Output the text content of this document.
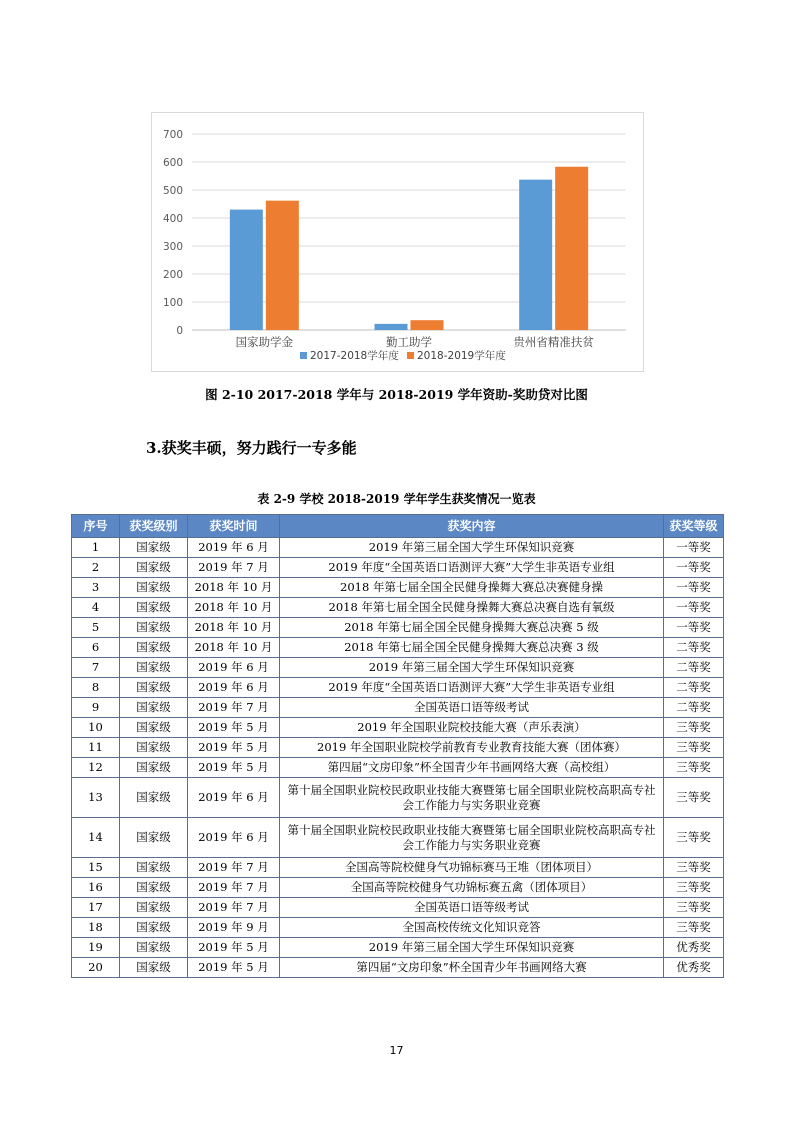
0
100
200
300
400
500
600
700
国家助学金	勤工助学	贵州省精准扶贫
2017-2018学年度 2018-2019学年度
图 2-10 2017-2018 学年与 2018-2019 学年资助-奖助贷对比图
3.获奖丰硕，努力践行一专多能
表 2-9 学校 2018-2019 学年学生获奖情况一览表
序号	获奖级别	获奖时间	获奖内容	获奖等级
1	国家级	2019 年 6 月	2019 年第三届全国大学生环保知识竞赛	一等奖
2	国家级	2019 年 7 月	2019 年度“全国英语口语测评大赛”大学生非英语专业组	一等奖
3	国家级	2018 年 10 月	2018 年第七届全国全民健身操舞大赛总决赛健身操	一等奖
4	国家级	2018 年 10 月	2018 年第七届全国全民健身操舞大赛总决赛自选有氧级	一等奖
5	国家级	2018 年 10 月	2018 年第七届全国全民健身操舞大赛总决赛 5 级	一等奖
6	国家级	2018 年 10 月	2018 年第七届全国全民健身操舞大赛总决赛 3 级	二等奖
7	国家级	2019 年 6 月	2019 年第三届全国大学生环保知识竞赛	二等奖
8	国家级	2019 年 6 月	2019 年度“全国英语口语测评大赛”大学生非英语专业组	二等奖
9	国家级	2019 年 7 月	全国英语口语等级考试	二等奖
10	国家级	2019 年 5 月	2019 年全国职业院校技能大赛（声乐表演）	三等奖
11	国家级	2019 年 5 月	2019 年全国职业院校学前教育专业教育技能大赛（团体赛）	三等奖
12	国家级	2019 年 5 月	第四届“文房印象”杯全国青少年书画网络大赛（高校组）	三等奖
13	国家级	2019 年 6 月	第十届全国职业院校民政职业技能大赛暨第七届全国职业院校高职高专社会工作能力与实务职业竞赛	三等奖
14	国家级	2019 年 6 月	第十届全国职业院校民政职业技能大赛暨第七届全国职业院校高职高专社会工作能力与实务职业竞赛	三等奖
15	国家级	2019 年 7 月	全国高等院校健身气功锦标赛马王堆（团体项目）	三等奖
16	国家级	2019 年 7 月	全国高等院校健身气功锦标赛五禽（团体项目）	三等奖
17	国家级	2019 年 7 月	全国英语口语等级考试	三等奖
18	国家级	2019 年 9 月	全国高校传统文化知识竞答	三等奖
19	国家级	2019 年 5 月	2019 年第三届全国大学生环保知识竞赛	优秀奖
20	国家级	2019 年 5 月	第四届“文房印象”杯全国青少年书画网络大赛	优秀奖
17
